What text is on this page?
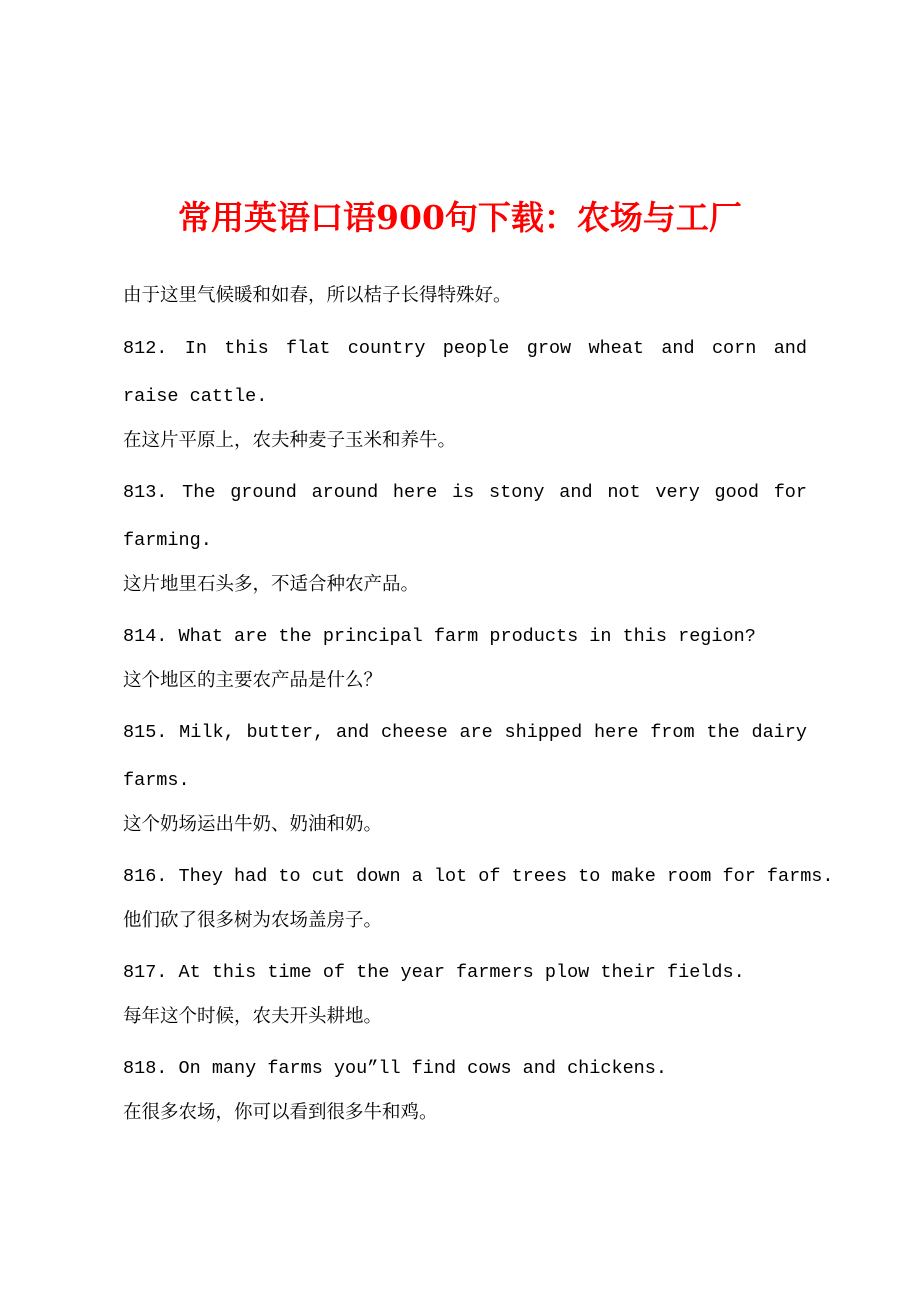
常用英语口语900句下载：农场与工厂

由于这里气候暖和如春，所以桔子长得特殊好。

812. In this flat country people grow wheat and corn and raise cattle.

在这片平原上，农夫种麦子玉米和养牛。

813. The ground around here is stony and not very good for farming.

这片地里石头多，不适合种农产品。

814. What are the principal farm products in this region?

这个地区的主要农产品是什么？

815. Milk, butter, and cheese are shipped here from the dairy farms.

这个奶场运出牛奶、奶油和奶。

816. They had to cut down a lot of trees to make room for farms.

他们砍了很多树为农场盖房子。

817. At this time of the year farmers plow their fields.

每年这个时候，农夫开头耕地。

818. On many farms you”ll find cows and chickens.

在很多农场，你可以看到很多牛和鸡。
